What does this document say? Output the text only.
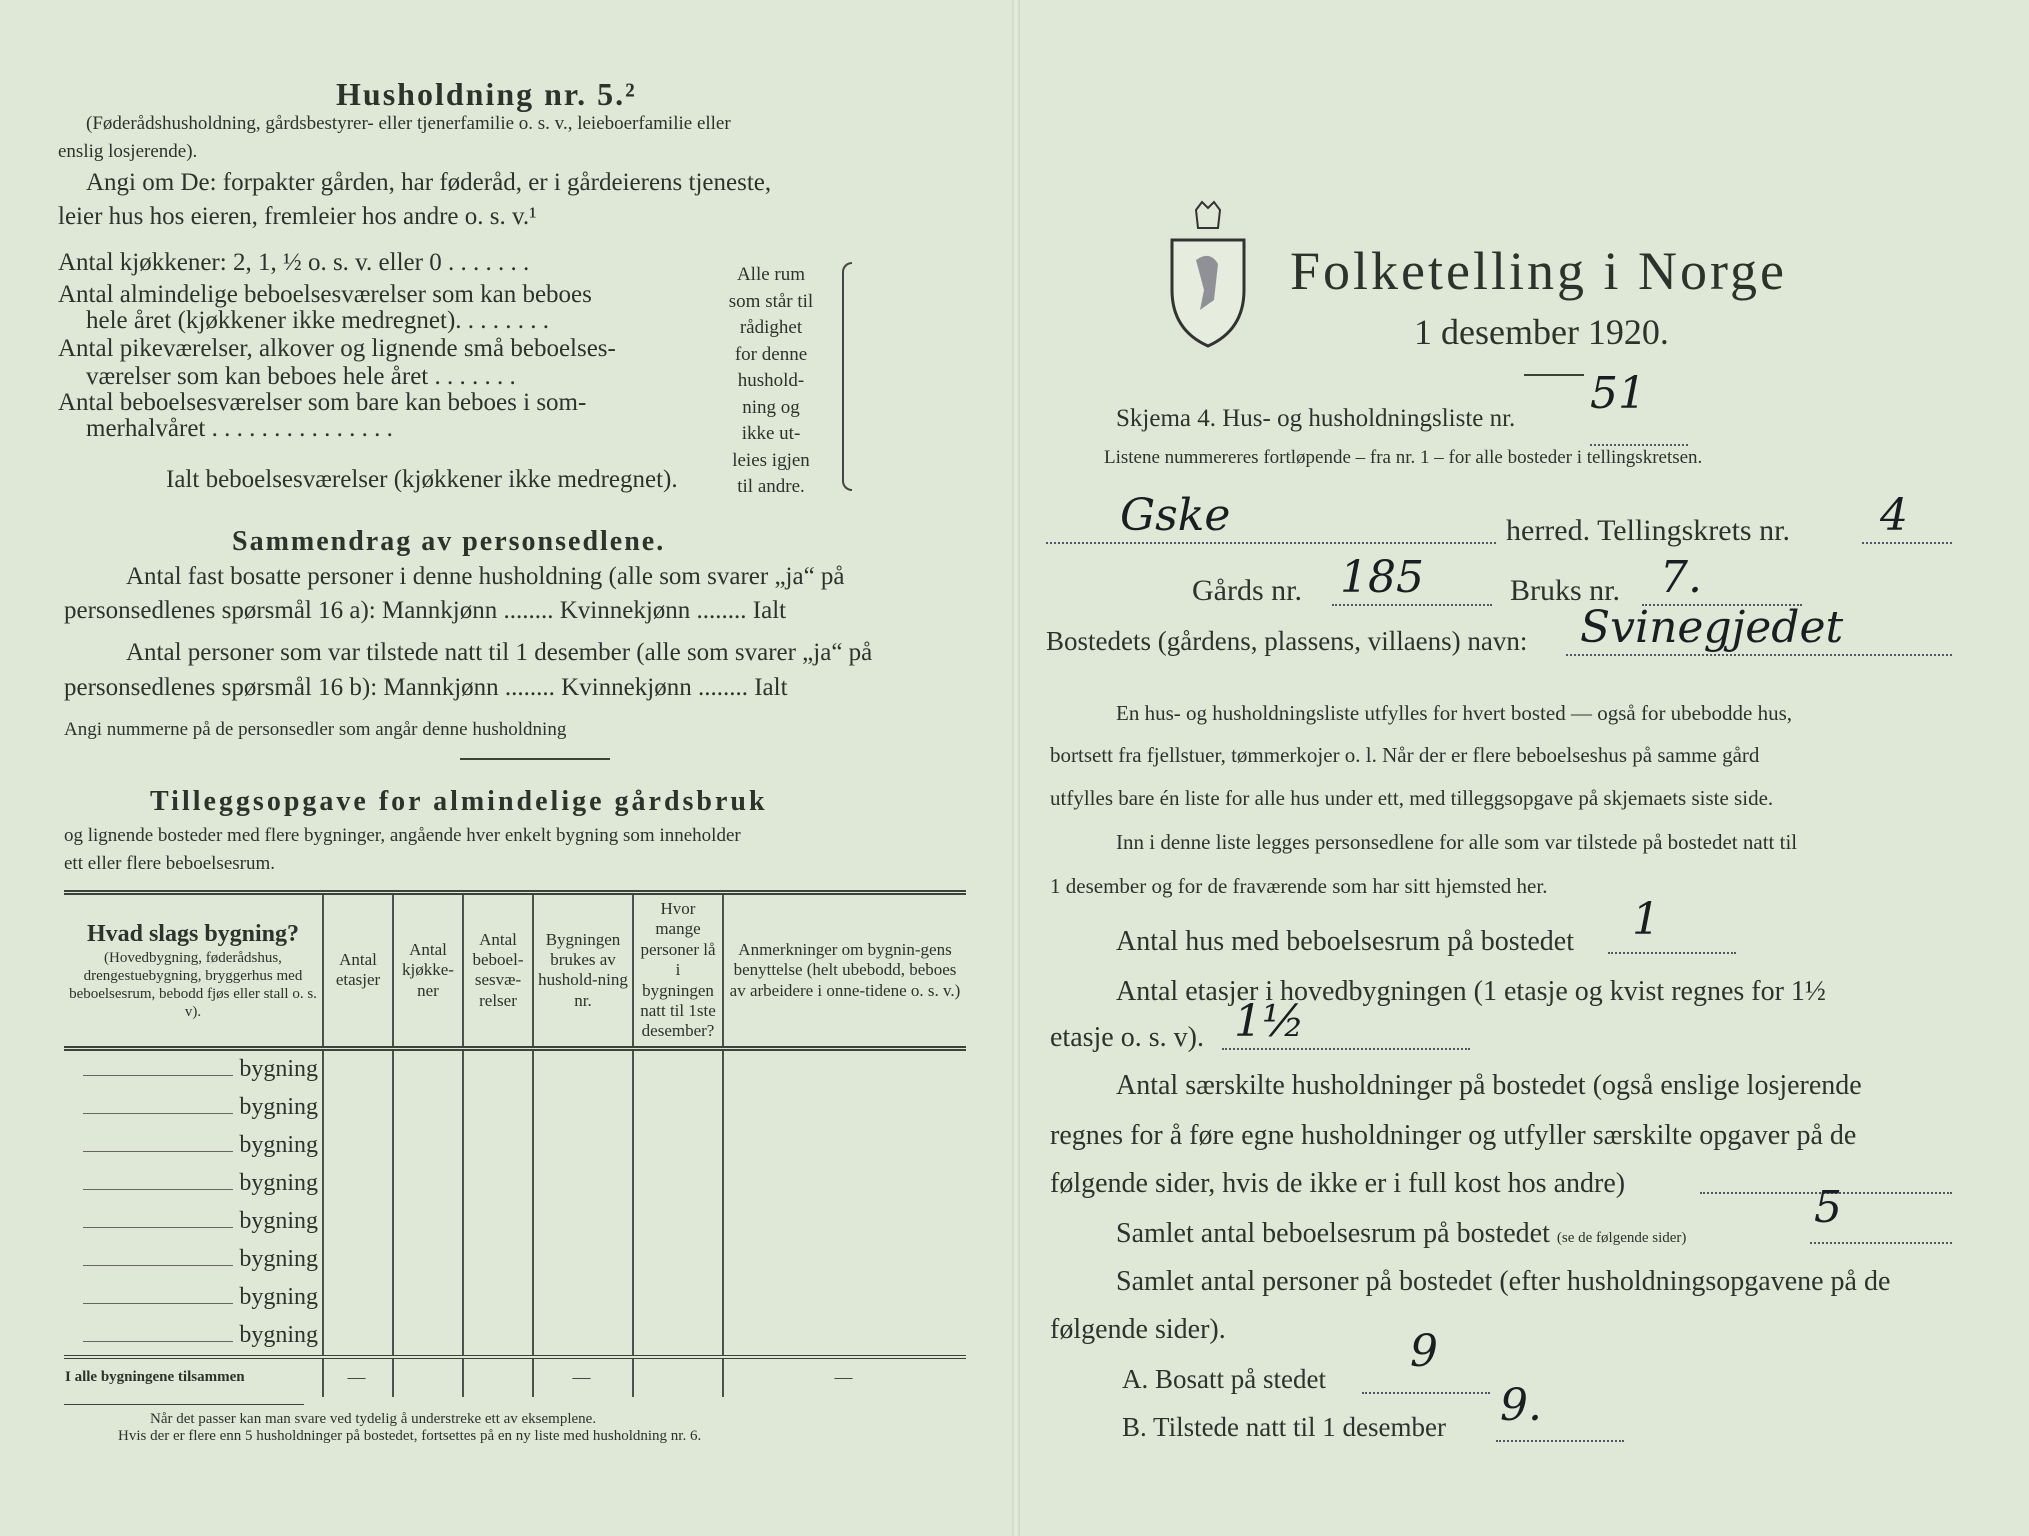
Husholdning nr. 5.²
(Føderådshusholdning, gårdsbestyrer- eller tjenerfamilie o. s. v., leieboerfamilie eller
enslig losjerende).
Angi om De: forpakter gården, har føderåd, er i gårdeierens tjeneste,
leier hus hos eieren, fremleier hos andre o. s. v.¹
Antal kjøkkener: 2, 1, ½ o. s. v. eller 0 . . . . . . .
Antal almindelige beboelsesværelser som kan beboes
hele året (kjøkkener ikke medregnet). . . . . . . .
Antal pikeværelser, alkover og lignende små beboelses-
værelser som kan beboes hele året . . . . . . .
Antal beboelsesværelser som bare kan beboes i som-
merhalvåret . . . . . . . . . . . . . . .
Ialt beboelsesværelser (kjøkkener ikke medregnet).
Alle rum
som står til
rådighet
for denne
hushold-
ning og
ikke ut-
leies igjen
til andre.
Sammendrag av personsedlene.
Antal fast bosatte personer i denne husholdning (alle som svarer „ja“ på
personsedlenes spørsmål 16 a): Mannkjønn ........ Kvinnekjønn ........ Ialt
Antal personer som var tilstede natt til 1 desember (alle som svarer „ja“ på
personsedlenes spørsmål 16 b): Mannkjønn ........ Kvinnekjønn ........ Ialt
Angi nummerne på de personsedler som angår denne husholdning
Tilleggsopgave for almindelige gårdsbruk
og lignende bosteder med flere bygninger, angående hver enkelt bygning som inneholder
ett eller flere beboelsesrum.
Hvad slags bygning?
(Hovedbygning, føderådshus, drengestuebygning, bryggerhus med beboelsesrum, bebodd fjøs eller stall o. s. v).	Antal etasjer	Antal kjøkke-ner	Antal beboel-sesvæ-relser	Bygningen brukes av hushold-ning nr.	Hvor mange personer lå i bygningen natt til 1ste desember?	Anmerkninger om bygnin-gens benyttelse (helt ubebodd, beboes av arbeidere i onne-tidene o. s. v.)
bygning						
bygning						
bygning						
bygning						
bygning						
bygning						
bygning						
bygning						
I alle bygningene tilsammen	—			—		—
Når det passer kan man svare ved tydelig å understreke ett av eksemplene.
Hvis der er flere enn 5 husholdninger på bostedet, fortsettes på en ny liste med husholdning nr. 6.
Folketelling i Norge
1 desember 1920.
Skjema 4. Hus- og husholdningsliste nr. 51
Listene nummereres fortløpende – fra nr. 1 – for alle bosteder i tellingskretsen.
Gske	herred. Tellingskrets nr. 4
Gårds nr. 185	Bruks nr. 7.
Bostedets (gårdens, plassens, villaens) navn: Svinegjedet
En hus- og husholdningsliste utfylles for hvert bosted — også for ubebodde hus,
bortsett fra fjellstuer, tømmerkojer o. l. Når der er flere beboelseshus på samme gård
utfylles bare én liste for alle hus under ett, med tilleggsopgave på skjemaets siste side.
Inn i denne liste legges personsedlene for alle som var tilstede på bostedet natt til
1 desember og for de fraværende som har sitt hjemsted her.
Antal hus med beboelsesrum på bostedet 1
Antal etasjer i hovedbygningen (1 etasje og kvist regnes for 1½
etasje o. s. v). 1½
Antal særskilte husholdninger på bostedet (også enslige losjerende
regnes for å føre egne husholdninger og utfyller særskilte opgaver på de
følgende sider, hvis de ikke er i full kost hos andre)
Samlet antal beboelsesrum på bostedet (se de følgende sider)
5
Samlet antal personer på bostedet (efter husholdningsopgavene på de
følgende sider).
A. Bosatt på stedet
9
B. Tilstede natt til 1 desember 9.
